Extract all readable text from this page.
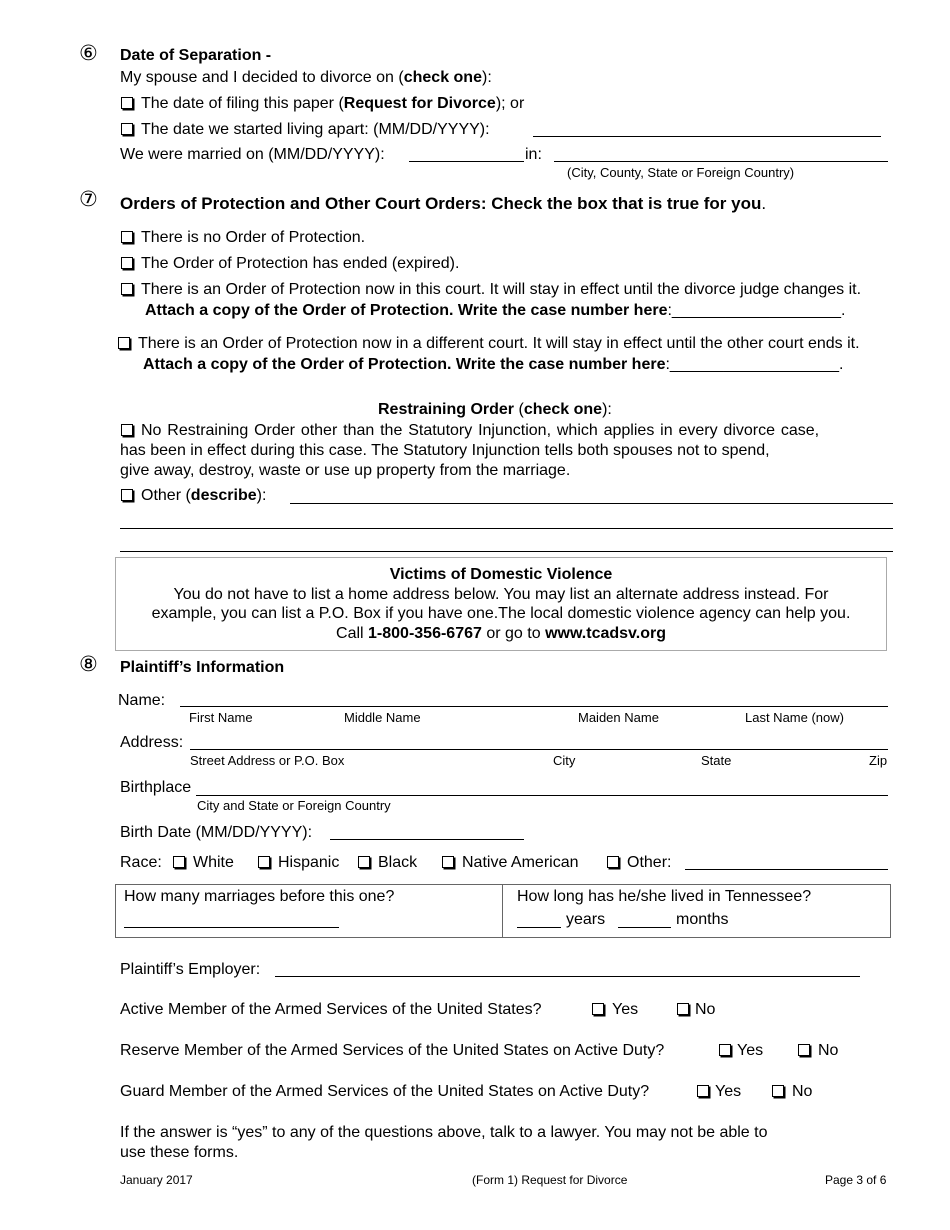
⑥ Date of Separation -
My spouse and I decided to divorce on (check one):
The date of filing this paper (Request for Divorce); or
The date we started living apart: (MM/DD/YYYY):
We were married on (MM/DD/YYYY):	in:
(City, County, State or Foreign Country)
⑦ Orders of Protection and Other Court Orders: Check the box that is true for you.
There is no Order of Protection.
The Order of Protection has ended (expired).
There is an Order of Protection now in this court. It will stay in effect until the divorce judge changes it.
Attach a copy of the Order of Protection. Write the case number here:___________________.
There is an Order of Protection now in a different court. It will stay in effect until the other court ends it.
Attach a copy of the Order of Protection. Write the case number here:___________________.
Restraining Order (check one):
No Restraining Order other than the Statutory Injunction, which applies in every divorce case,
has been in effect during this case. The Statutory Injunction tells both spouses not to spend,
give away, destroy, waste or use up property from the marriage.
Other (describe):
Victims of Domestic Violence
You do not have to list a home address below. You may list an alternate address instead. For
example, you can list a P.O. Box if you have one.The local domestic violence agency can help you.
Call 1-800-356-6767 or go to www.tcadsv.org
⑧ Plaintiff’s Information
Name:
First Name	Middle Name	Maiden Name	Last Name (now)
Address:
Street Address or P.O. Box	City	State	Zip
Birthplace
City and State or Foreign Country
Birth Date (MM/DD/YYYY):
Race:	White	Hispanic	Black	Native American	Other:
How many marriages before this one?	How long has he/she lived in Tennessee?
years	months
Plaintiff’s Employer:
Active Member of the Armed Services of the United States?	Yes	No
Reserve Member of the Armed Services of the United States on Active Duty?	Yes	No
Guard Member of the Armed Services of the United States on Active Duty?	Yes	No
If the answer is “yes” to any of the questions above, talk to a lawyer. You may not be able to
use these forms.
January 2017	(Form 1) Request for Divorce	Page 3 of 6
